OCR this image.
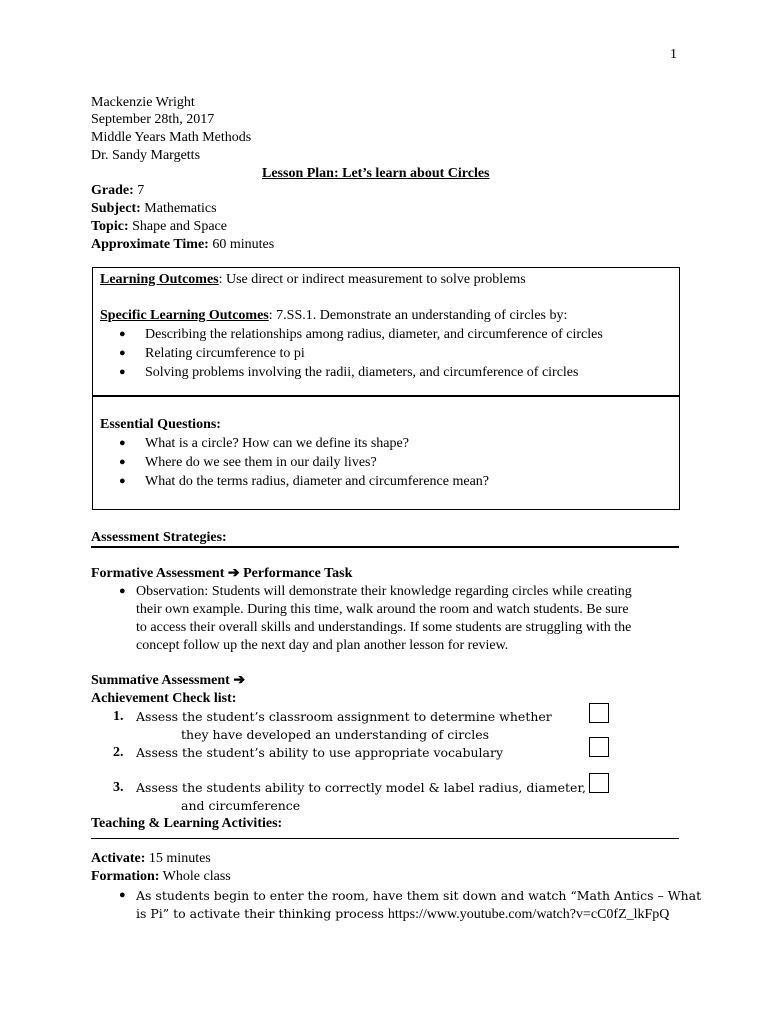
1
Mackenzie Wright
September 28th, 2017
Middle Years Math Methods
Dr. Sandy Margetts
Lesson Plan: Let’s learn about Circles
Grade: 7
Subject: Mathematics
Topic: Shape and Space
Approximate Time: 60 minutes
Learning Outcomes: Use direct or indirect measurement to solve problems
Specific Learning Outcomes: 7.SS.1. Demonstrate an understanding of circles by:
● Describing the relationships among radius, diameter, and circumference of circles
● Relating circumference to pi
● Solving problems involving the radii, diameters, and circumference of circles
Essential Questions:
● What is a circle? How can we define its shape?
● Where do we see them in our daily lives?
● What do the terms radius, diameter and circumference mean?
Assessment Strategies:
Formative Assessment ➔ Performance Task
● Observation: Students will demonstrate their knowledge regarding circles while creating
their own example. During this time, walk around the room and watch students. Be sure
to access their overall skills and understandings. If some students are struggling with the
concept follow up the next day and plan another lesson for review.
Summative Assessment ➔
Achievement Check list:
1. Assess the student’s classroom assignment to determine whether
they have developed an understanding of circles
2. Assess the student’s ability to use appropriate vocabulary
3. Assess the students ability to correctly model & label radius, diameter,
and circumference
Teaching & Learning Activities:
Activate: 15 minutes
Formation: Whole class
● As students begin to enter the room, have them sit down and watch “Math Antics – What
is Pi” to activate their thinking process https://www.youtube.com/watch?v=cC0fZ_lkFpQ
